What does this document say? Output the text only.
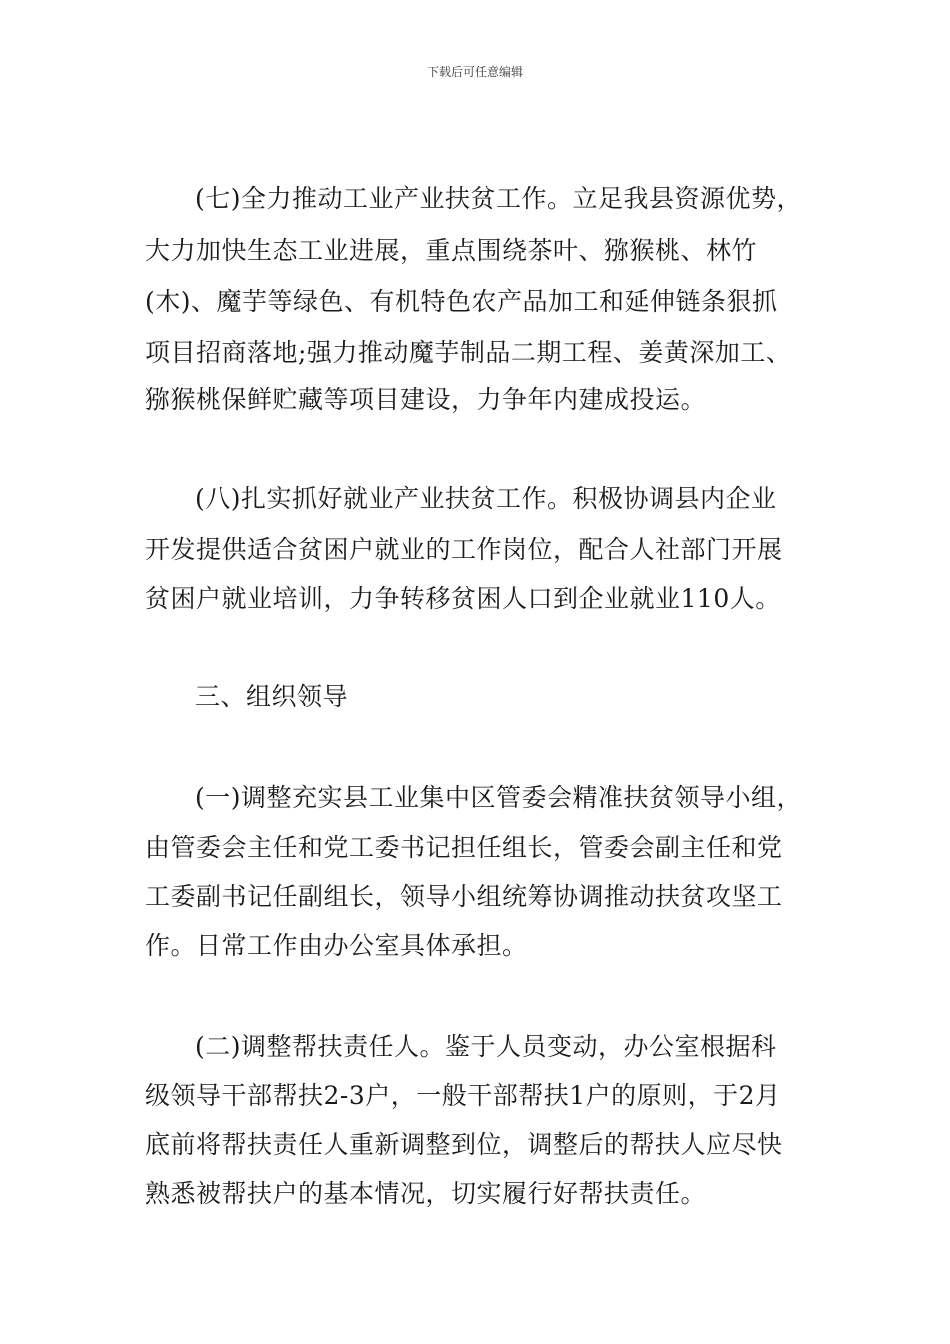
下载后可任意编辑
(七)全力推动工业产业扶贫工作。立足我县资源优势，
大力加快生态工业进展，重点围绕茶叶、猕猴桃、林竹
(木)、魔芋等绿色、有机特色农产品加工和延伸链条狠抓
项目招商落地;强力推动魔芋制品二期工程、姜黄深加工、
猕猴桃保鲜贮藏等项目建设，力争年内建成投运。
(八)扎实抓好就业产业扶贫工作。积极协调县内企业
开发提供适合贫困户就业的工作岗位，配合人社部门开展
贫困户就业培训，力争转移贫困人口到企业就业110人。
三、组织领导
(一)调整充实县工业集中区管委会精准扶贫领导小组，
由管委会主任和党工委书记担任组长，管委会副主任和党
工委副书记任副组长，领导小组统筹协调推动扶贫攻坚工
作。日常工作由办公室具体承担。
(二)调整帮扶责任人。鉴于人员变动，办公室根据科
级领导干部帮扶2-3户，一般干部帮扶1户的原则，于2月
底前将帮扶责任人重新调整到位，调整后的帮扶人应尽快
熟悉被帮扶户的基本情况，切实履行好帮扶责任。
